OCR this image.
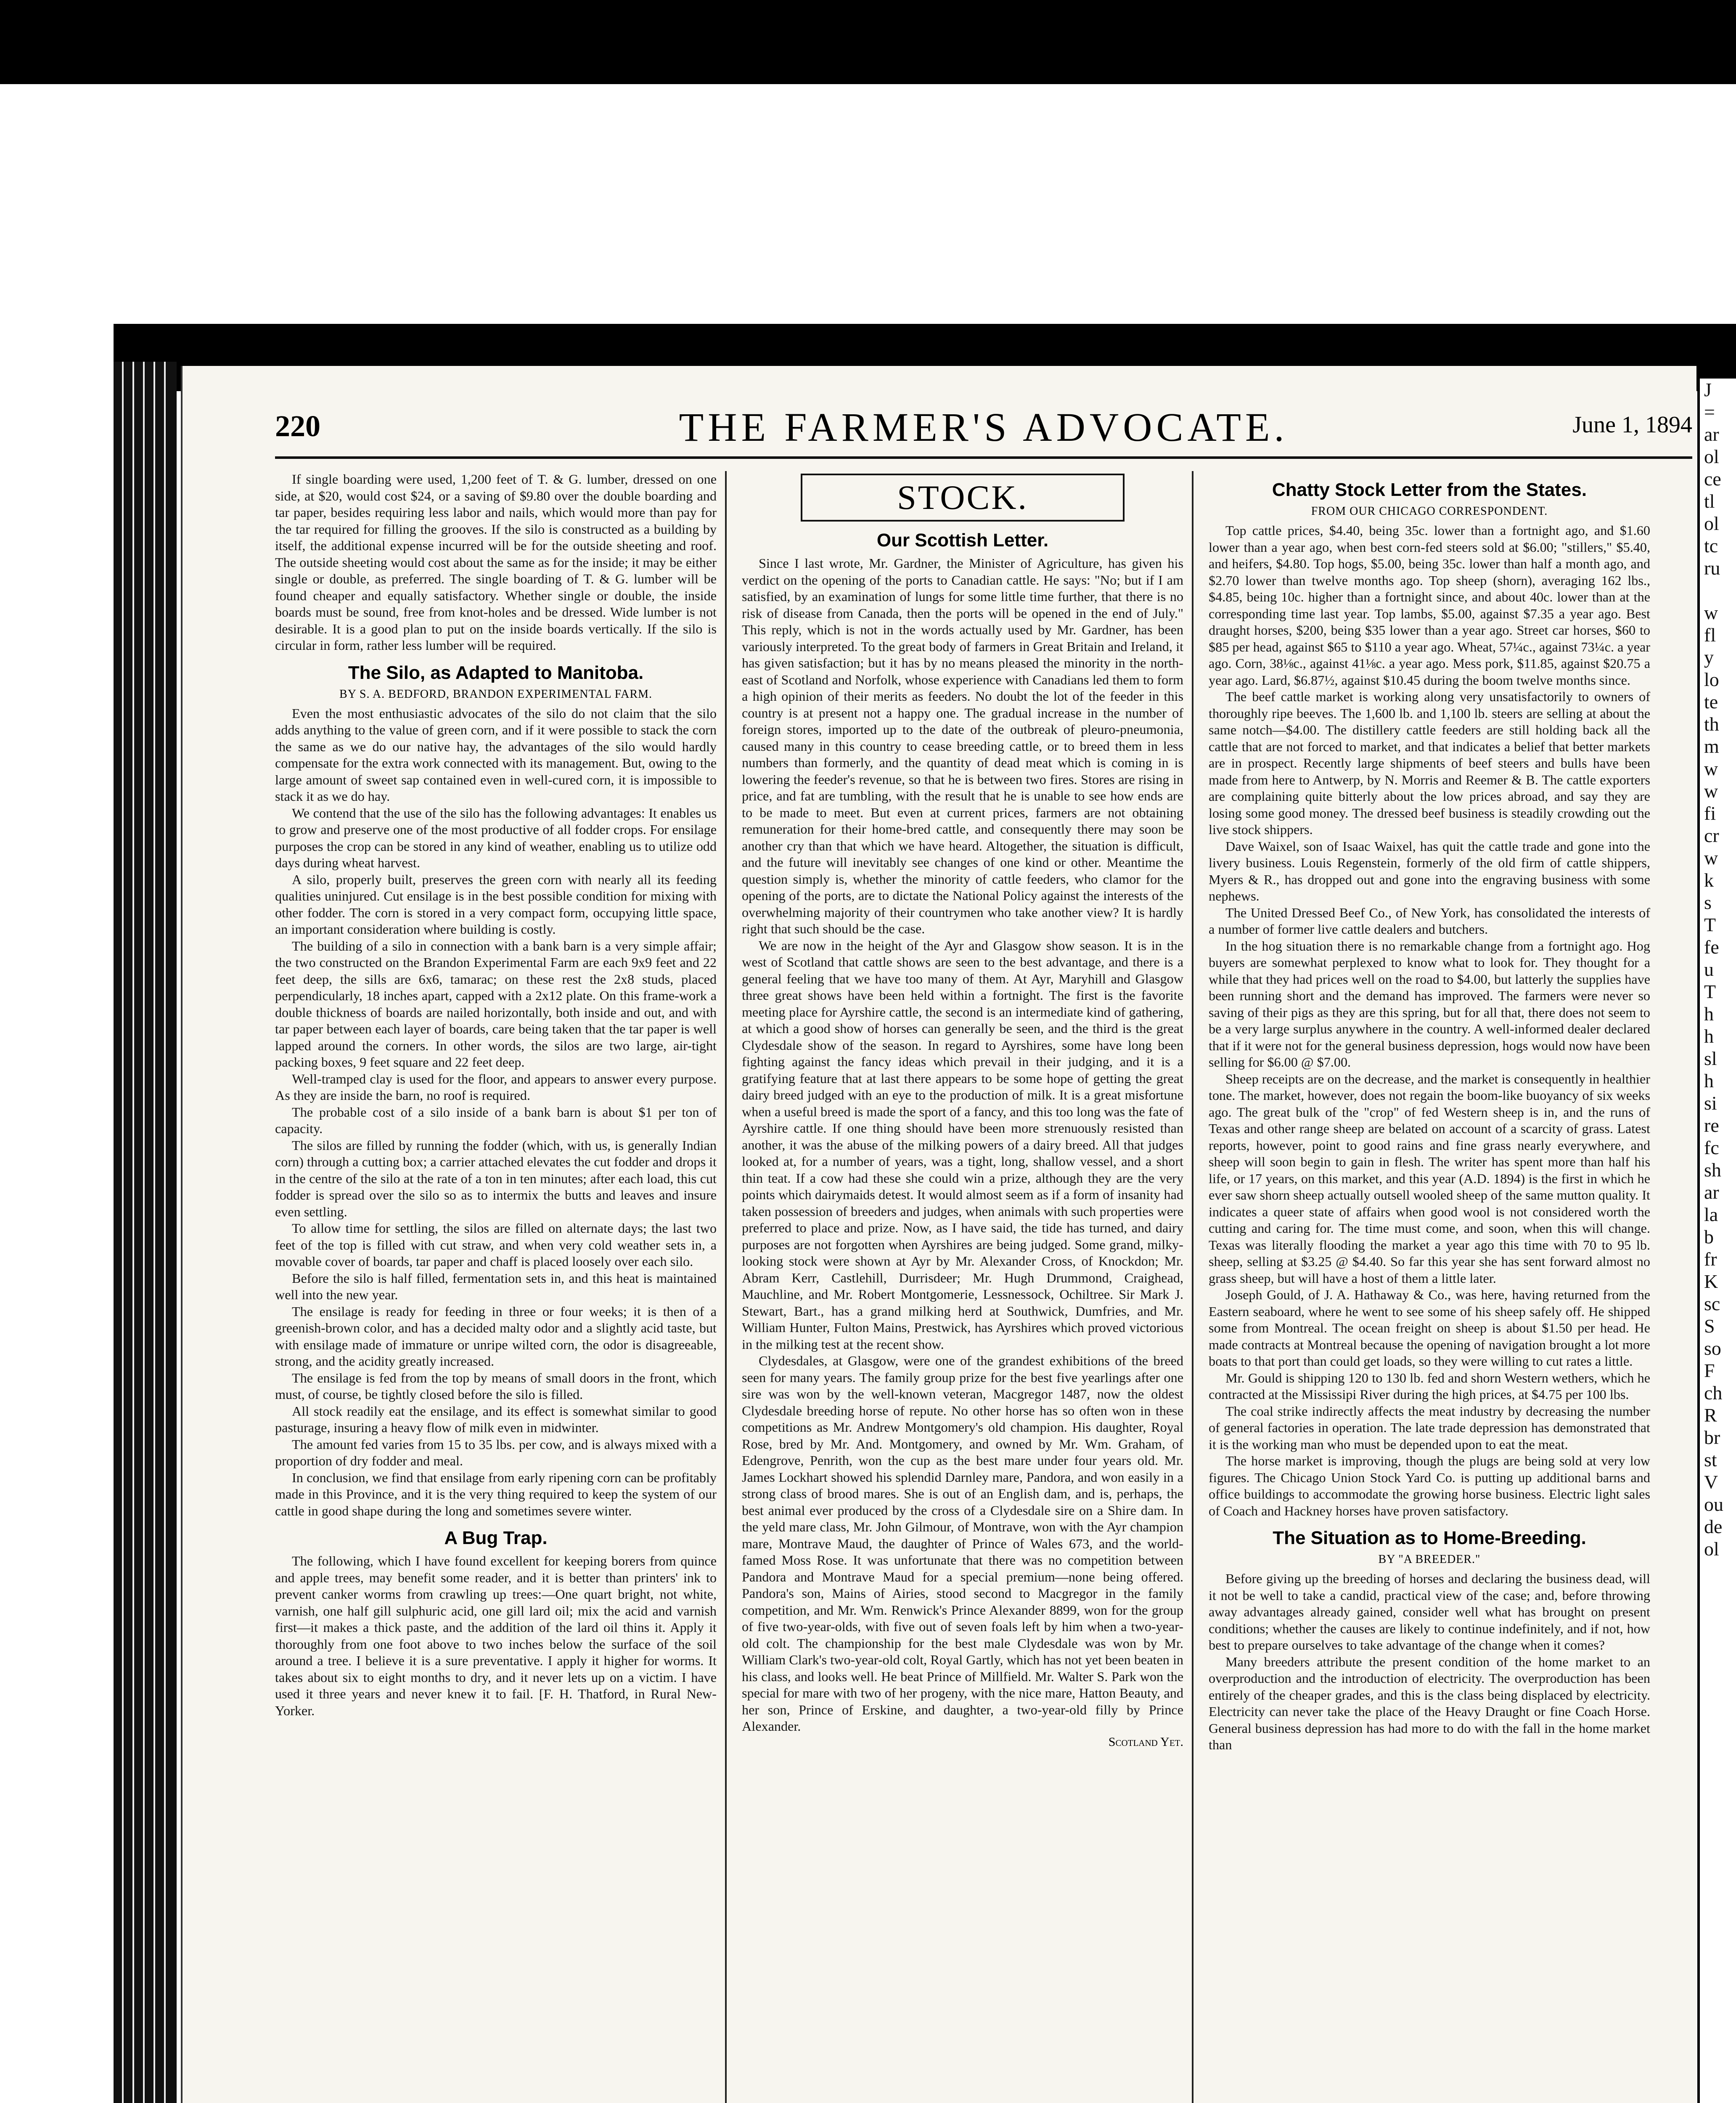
J
=
ar
ol
ce
tl
ol
tc
ru

w
fl
y
lo
te
th
m
w
w
fi
cr
w
k
s
T
fe
u
T
h
h
sl
h
si
re
fc
sh
ar
la
b
fr
K
sc
S
so
F
ch
R
br
st
V
ou
de
ol
220	THE FARMER'S ADVOCATE.	June 1, 1894

If single boarding were used, 1,200 feet of T. & G. lumber, dressed on one side, at $20, would cost $24, or a saving of $9.80 over the double boarding and tar paper, besides requiring less labor and nails, which would more than pay for the tar required for filling the grooves. If the silo is constructed as a building by itself, the additional expense incurred will be for the outside sheeting and roof. The outside sheeting would cost about the same as for the inside; it may be either single or double, as preferred. The single boarding of T. & G. lumber will be found cheaper and equally satisfactory. Whether single or double, the inside boards must be sound, free from knot-holes and be dressed. Wide lumber is not desirable. It is a good plan to put on the inside boards vertically. If the silo is circular in form, rather less lumber will be required.

The Silo, as Adapted to Manitoba.
BY S. A. BEDFORD, BRANDON EXPERIMENTAL FARM.

Even the most enthusiastic advocates of the silo do not claim that the silo adds anything to the value of green corn, and if it were possible to stack the corn the same as we do our native hay, the advantages of the silo would hardly compensate for the extra work connected with its management. But, owing to the large amount of sweet sap contained even in well-cured corn, it is impossible to stack it as we do hay.

We contend that the use of the silo has the following advantages: It enables us to grow and preserve one of the most productive of all fodder crops. For ensilage purposes the crop can be stored in any kind of weather, enabling us to utilize odd days during wheat harvest.

A silo, properly built, preserves the green corn with nearly all its feeding qualities uninjured. Cut ensilage is in the best possible condition for mixing with other fodder. The corn is stored in a very compact form, occupying little space, an important consideration where building is costly.

The building of a silo in connection with a bank barn is a very simple affair; the two constructed on the Brandon Experimental Farm are each 9x9 feet and 22 feet deep, the sills are 6x6, tamarac; on these rest the 2x8 studs, placed perpendicularly, 18 inches apart, capped with a 2x12 plate. On this frame-work a double thickness of boards are nailed horizontally, both inside and out, and with tar paper between each layer of boards, care being taken that the tar paper is well lapped around the corners. In other words, the silos are two large, air-tight packing boxes, 9 feet square and 22 feet deep.

Well-tramped clay is used for the floor, and appears to answer every purpose. As they are inside the barn, no roof is required.

The probable cost of a silo inside of a bank barn is about $1 per ton of capacity.

The silos are filled by running the fodder (which, with us, is generally Indian corn) through a cutting box; a carrier attached elevates the cut fodder and drops it in the centre of the silo at the rate of a ton in ten minutes; after each load, this cut fodder is spread over the silo so as to intermix the butts and leaves and insure even settling.

To allow time for settling, the silos are filled on alternate days; the last two feet of the top is filled with cut straw, and when very cold weather sets in, a movable cover of boards, tar paper and chaff is placed loosely over each silo.

Before the silo is half filled, fermentation sets in, and this heat is maintained well into the new year.

The ensilage is ready for feeding in three or four weeks; it is then of a greenish-brown color, and has a decided malty odor and a slightly acid taste, but with ensilage made of immature or unripe wilted corn, the odor is disagreeable, strong, and the acidity greatly increased.

The ensilage is fed from the top by means of small doors in the front, which must, of course, be tightly closed before the silo is filled.

All stock readily eat the ensilage, and its effect is somewhat similar to good pasturage, insuring a heavy flow of milk even in midwinter.

The amount fed varies from 15 to 35 lbs. per cow, and is always mixed with a proportion of dry fodder and meal.

In conclusion, we find that ensilage from early ripening corn can be profitably made in this Province, and it is the very thing required to keep the system of our cattle in good shape during the long and sometimes severe winter.

A Bug Trap.

The following, which I have found excellent for keeping borers from quince and apple trees, may benefit some reader, and it is better than printers' ink to prevent canker worms from crawling up trees:—One quart bright, not white, varnish, one half gill sulphuric acid, one gill lard oil; mix the acid and varnish first—it makes a thick paste, and the addition of the lard oil thins it. Apply it thoroughly from one foot above to two inches below the surface of the soil around a tree. I believe it is a sure preventative. I apply it higher for worms. It takes about six to eight months to dry, and it never lets up on a victim. I have used it three years and never knew it to fail. [F. H. Thatford, in Rural New-Yorker.

STOCK.
Our Scottish Letter.

Since I last wrote, Mr. Gardner, the Minister of Agriculture, has given his verdict on the opening of the ports to Canadian cattle. He says: "No; but if I am satisfied, by an examination of lungs for some little time further, that there is no risk of disease from Canada, then the ports will be opened in the end of July." This reply, which is not in the words actually used by Mr. Gardner, has been variously interpreted. To the great body of farmers in Great Britain and Ireland, it has given satisfaction; but it has by no means pleased the minority in the north-east of Scotland and Norfolk, whose experience with Canadians led them to form a high opinion of their merits as feeders. No doubt the lot of the feeder in this country is at present not a happy one. The gradual increase in the number of foreign stores, imported up to the date of the outbreak of pleuro-pneumonia, caused many in this country to cease breeding cattle, or to breed them in less numbers than formerly, and the quantity of dead meat which is coming in is lowering the feeder's revenue, so that he is between two fires. Stores are rising in price, and fat are tumbling, with the result that he is unable to see how ends are to be made to meet. But even at current prices, farmers are not obtaining remuneration for their home-bred cattle, and consequently there may soon be another cry than that which we have heard. Altogether, the situation is difficult, and the future will inevitably see changes of one kind or other. Meantime the question simply is, whether the minority of cattle feeders, who clamor for the opening of the ports, are to dictate the National Policy against the interests of the overwhelming majority of their countrymen who take another view? It is hardly right that such should be the case.

We are now in the height of the Ayr and Glasgow show season. It is in the west of Scotland that cattle shows are seen to the best advantage, and there is a general feeling that we have too many of them. At Ayr, Maryhill and Glasgow three great shows have been held within a fortnight. The first is the favorite meeting place for Ayrshire cattle, the second is an intermediate kind of gathering, at which a good show of horses can generally be seen, and the third is the great Clydesdale show of the season. In regard to Ayrshires, some have long been fighting against the fancy ideas which prevail in their judging, and it is a gratifying feature that at last there appears to be some hope of getting the great dairy breed judged with an eye to the production of milk. It is a great misfortune when a useful breed is made the sport of a fancy, and this too long was the fate of Ayrshire cattle. If one thing should have been more strenuously resisted than another, it was the abuse of the milking powers of a dairy breed. All that judges looked at, for a number of years, was a tight, long, shallow vessel, and a short thin teat. If a cow had these she could win a prize, although they are the very points which dairymaids detest. It would almost seem as if a form of insanity had taken possession of breeders and judges, when animals with such properties were preferred to place and prize. Now, as I have said, the tide has turned, and dairy purposes are not forgotten when Ayrshires are being judged. Some grand, milky-looking stock were shown at Ayr by Mr. Alexander Cross, of Knockdon; Mr. Abram Kerr, Castlehill, Durrisdeer; Mr. Hugh Drummond, Craighead, Mauchline, and Mr. Robert Montgomerie, Lessnessock, Ochiltree. Sir Mark J. Stewart, Bart., has a grand milking herd at Southwick, Dumfries, and Mr. William Hunter, Fulton Mains, Prestwick, has Ayrshires which proved victorious in the milking test at the recent show.

Clydesdales, at Glasgow, were one of the grandest exhibitions of the breed seen for many years. The family group prize for the best five yearlings after one sire was won by the well-known veteran, Macgregor 1487, now the oldest Clydesdale breeding horse of repute. No other horse has so often won in these competitions as Mr. Andrew Montgomery's old champion. His daughter, Royal Rose, bred by Mr. And. Montgomery, and owned by Mr. Wm. Graham, of Edengrove, Penrith, won the cup as the best mare under four years old. Mr. James Lockhart showed his splendid Darnley mare, Pandora, and won easily in a strong class of brood mares. She is out of an English dam, and is, perhaps, the best animal ever produced by the cross of a Clydesdale sire on a Shire dam. In the yeld mare class, Mr. John Gilmour, of Montrave, won with the Ayr champion mare, Montrave Maud, the daughter of Prince of Wales 673, and the world-famed Moss Rose. It was unfortunate that there was no competition between Pandora and Montrave Maud for a special premium—none being offered. Pandora's son, Mains of Airies, stood second to Macgregor in the family competition, and Mr. Wm. Renwick's Prince Alexander 8899, won for the group of five two-year-olds, with five out of seven foals left by him when a two-year-old colt. The championship for the best male Clydesdale was won by Mr. William Clark's two-year-old colt, Royal Gartly, which has not yet been beaten in his class, and looks well. He beat Prince of Millfield. Mr. Walter S. Park won the special for mare with two of her progeny, with the nice mare, Hatton Beauty, and her son, Prince of Erskine, and daughter, a two-year-old filly by Prince Alexander.

Scotland Yet.
Chatty Stock Letter from the States.
FROM OUR CHICAGO CORRESPONDENT.

Top cattle prices, $4.40, being 35c. lower than a fortnight ago, and $1.60 lower than a year ago, when best corn-fed steers sold at $6.00; "stillers," $5.40, and heifers, $4.80. Top hogs, $5.00, being 35c. lower than half a month ago, and $2.70 lower than twelve months ago. Top sheep (shorn), averaging 162 lbs., $4.85, being 10c. higher than a fortnight since, and about 40c. lower than at the corresponding time last year. Top lambs, $5.00, against $7.35 a year ago. Best draught horses, $200, being $35 lower than a year ago. Street car horses, $60 to $85 per head, against $65 to $110 a year ago. Wheat, 57¼c., against 73¼c. a year ago. Corn, 38⅛c., against 41⅛c. a year ago. Mess pork, $11.85, against $20.75 a year ago. Lard, $6.87½, against $10.45 during the boom twelve months since.

The beef cattle market is working along very unsatisfactorily to owners of thoroughly ripe beeves. The 1,600 lb. and 1,100 lb. steers are selling at about the same notch—$4.00. The distillery cattle feeders are still holding back all the cattle that are not forced to market, and that indicates a belief that better markets are in prospect. Recently large shipments of beef steers and bulls have been made from here to Antwerp, by N. Morris and Reemer & B. The cattle exporters are complaining quite bitterly about the low prices abroad, and say they are losing some good money. The dressed beef business is steadily crowding out the live stock shippers.

Dave Waixel, son of Isaac Waixel, has quit the cattle trade and gone into the livery business. Louis Regenstein, formerly of the old firm of cattle shippers, Myers & R., has dropped out and gone into the engraving business with some nephews.

The United Dressed Beef Co., of New York, has consolidated the interests of a number of former live cattle dealers and butchers.

In the hog situation there is no remarkable change from a fortnight ago. Hog buyers are somewhat perplexed to know what to look for. They thought for a while that they had prices well on the road to $4.00, but latterly the supplies have been running short and the demand has improved. The farmers were never so saving of their pigs as they are this spring, but for all that, there does not seem to be a very large surplus anywhere in the country. A well-informed dealer declared that if it were not for the general business depression, hogs would now have been selling for $6.00 @ $7.00.

Sheep receipts are on the decrease, and the market is consequently in healthier tone. The market, however, does not regain the boom-like buoyancy of six weeks ago. The great bulk of the "crop" of fed Western sheep is in, and the runs of Texas and other range sheep are belated on account of a scarcity of grass. Latest reports, however, point to good rains and fine grass nearly everywhere, and sheep will soon begin to gain in flesh. The writer has spent more than half his life, or 17 years, on this market, and this year (A.D. 1894) is the first in which he ever saw shorn sheep actually outsell wooled sheep of the same mutton quality. It indicates a queer state of affairs when good wool is not considered worth the cutting and caring for. The time must come, and soon, when this will change. Texas was literally flooding the market a year ago this time with 70 to 95 lb. sheep, selling at $3.25 @ $4.40. So far this year she has sent forward almost no grass sheep, but will have a host of them a little later.

Joseph Gould, of J. A. Hathaway & Co., was here, having returned from the Eastern seaboard, where he went to see some of his sheep safely off. He shipped some from Montreal. The ocean freight on sheep is about $1.50 per head. He made contracts at Montreal because the opening of navigation brought a lot more boats to that port than could get loads, so they were willing to cut rates a little.

Mr. Gould is shipping 120 to 130 lb. fed and shorn Western wethers, which he contracted at the Mississipi River during the high prices, at $4.75 per 100 lbs.

The coal strike indirectly affects the meat industry by decreasing the number of general factories in operation. The late trade depression has demonstrated that it is the working man who must be depended upon to eat the meat.

The horse market is improving, though the plugs are being sold at very low figures. The Chicago Union Stock Yard Co. is putting up additional barns and office buildings to accommodate the growing horse business. Electric light sales of Coach and Hackney horses have proven satisfactory.

The Situation as to Home-Breeding.
BY "A BREEDER."

Before giving up the breeding of horses and declaring the business dead, will it not be well to take a candid, practical view of the case; and, before throwing away advantages already gained, consider well what has brought on present conditions; whether the causes are likely to continue indefinitely, and if not, how best to prepare ourselves to take advantage of the change when it comes?

Many breeders attribute the present condition of the home market to an overproduction and the introduction of electricity. The overproduction has been entirely of the cheaper grades, and this is the class being displaced by electricity. Electricity can never take the place of the Heavy Draught or fine Coach Horse. General business depression has had more to do with the fall in the home market than
